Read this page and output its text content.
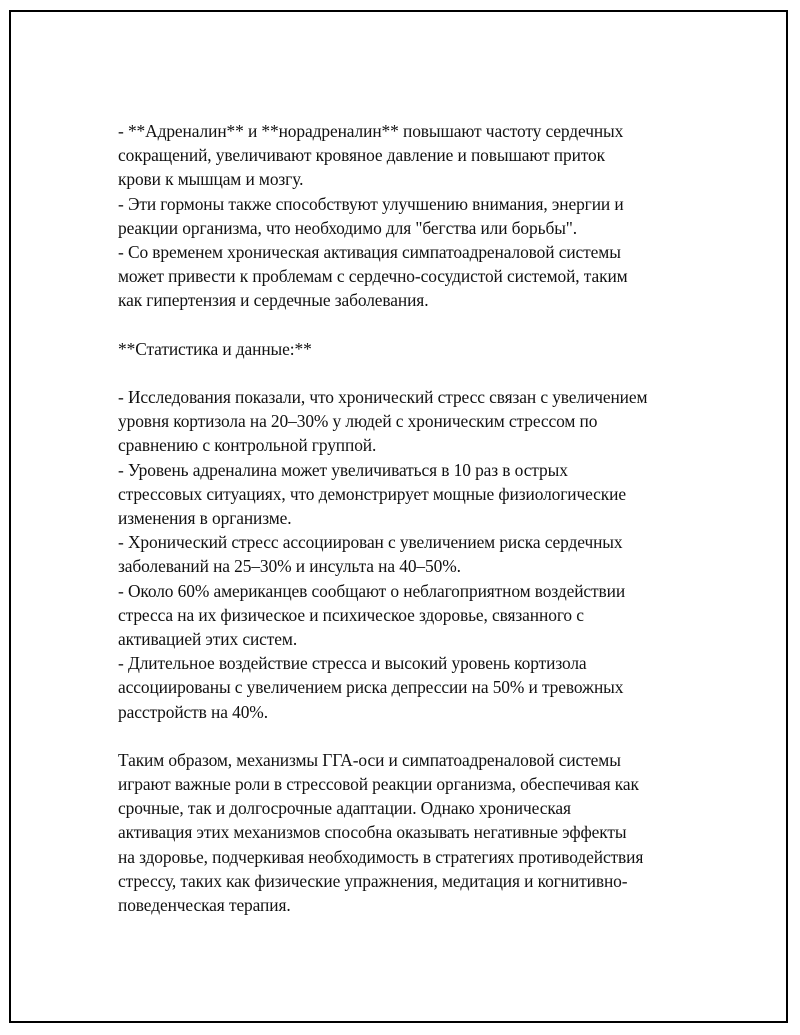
- **Адреналин** и **норадреналин** повышают частоту сердечных
сокращений, увеличивают кровяное давление и повышают приток
крови к мышцам и мозгу.
- Эти гормоны также способствуют улучшению внимания, энергии и
реакции организма, что необходимо для "бегства или борьбы".
- Со временем хроническая активация симпатоадреналовой системы
может привести к проблемам с сердечно-сосудистой системой, таким
как гипертензия и сердечные заболевания.
**Статистика и данные:**
- Исследования показали, что хронический стресс связан с увеличением
уровня кортизола на 20–30% у людей с хроническим стрессом по
сравнению с контрольной группой.
- Уровень адреналина может увеличиваться в 10 раз в острых
стрессовых ситуациях, что демонстрирует мощные физиологические
изменения в организме.
- Хронический стресс ассоциирован с увеличением риска сердечных
заболеваний на 25–30% и инсульта на 40–50%.
- Около 60% американцев сообщают о неблагоприятном воздействии
стресса на их физическое и психическое здоровье, связанного с
активацией этих систем.
- Длительное воздействие стресса и высокий уровень кортизола
ассоциированы с увеличением риска депрессии на 50% и тревожных
расстройств на 40%.
Таким образом, механизмы ГГА-оси и симпатоадреналовой системы
играют важные роли в стрессовой реакции организма, обеспечивая как
срочные, так и долгосрочные адаптации. Однако хроническая
активация этих механизмов способна оказывать негативные эффекты
на здоровье, подчеркивая необходимость в стратегиях противодействия
стрессу, таких как физические упражнения, медитация и когнитивно-
поведенческая терапия.
